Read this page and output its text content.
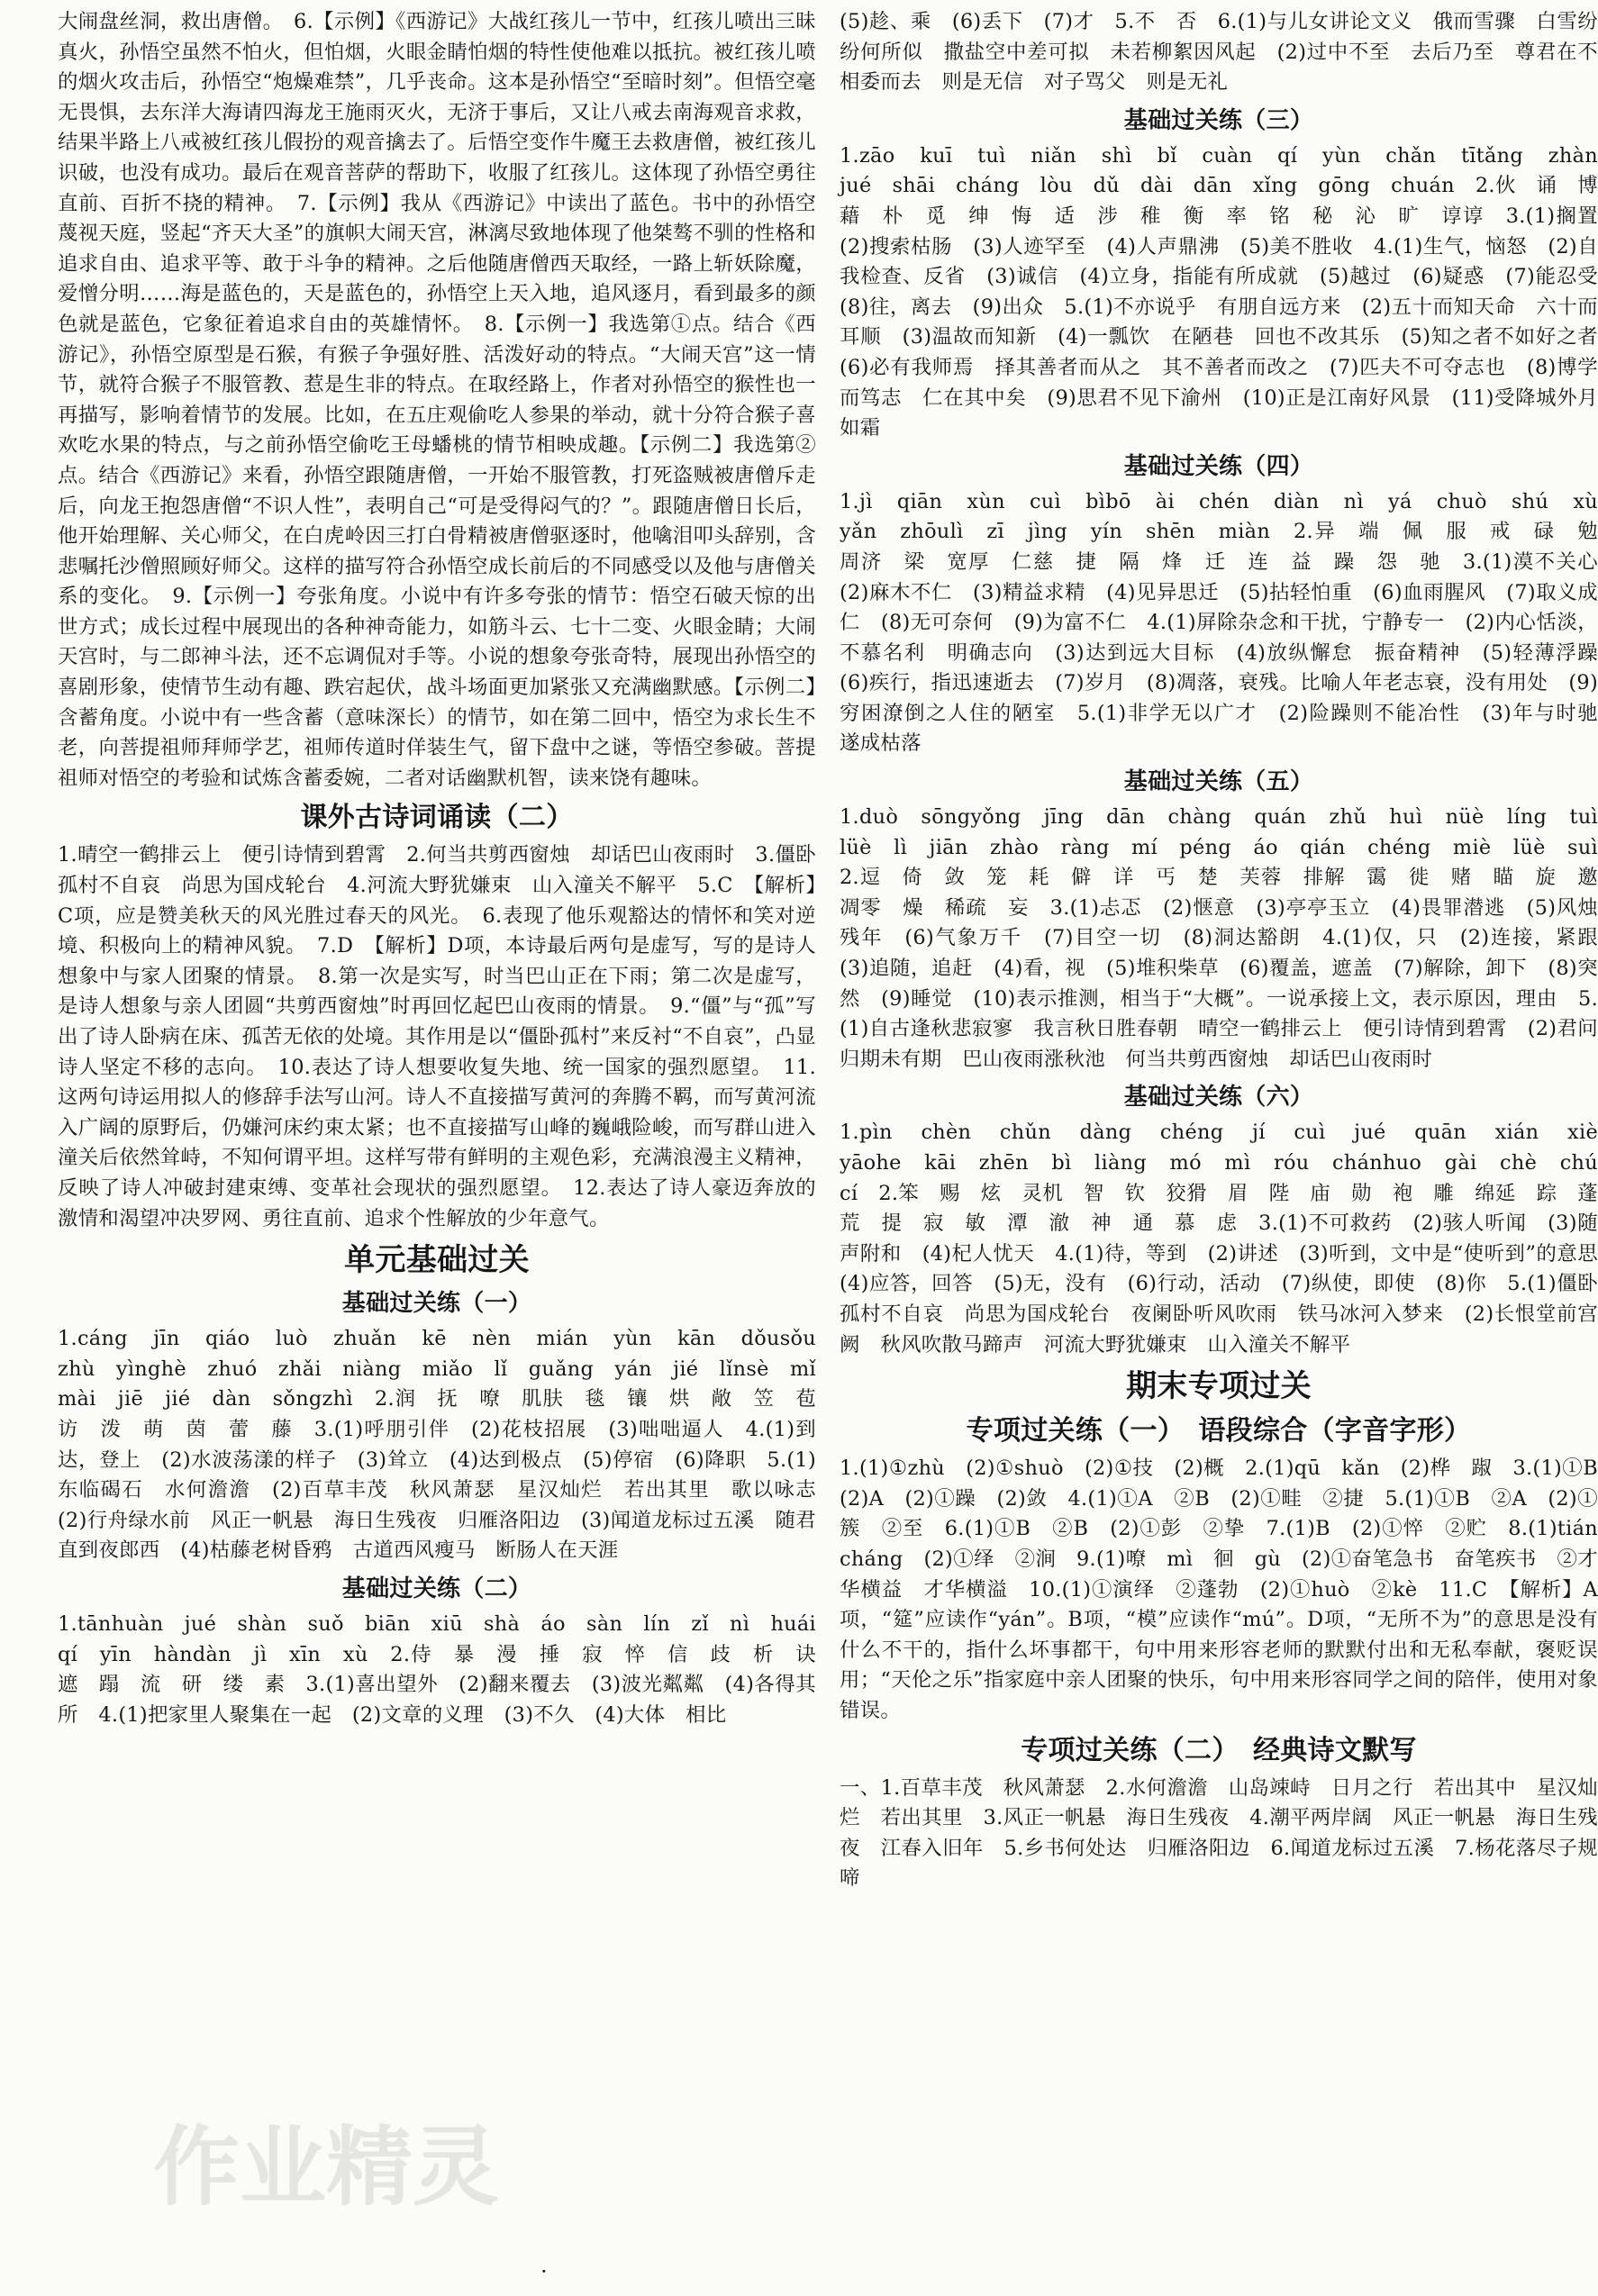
大闹盘丝洞，救出唐僧。　6.【示例】《西游记》大战红孩儿一节中，红孩儿喷出三昧真火，孙悟空虽然不怕火，但怕烟，火眼金睛怕烟的特性使他难以抵抗。被红孩儿喷的烟火攻击后，孙悟空“炮燥难禁”，几乎丧命。这本是孙悟空“至暗时刻”。但悟空毫无畏惧，去东洋大海请四海龙王施雨灭火，无济于事后，又让八戒去南海观音求救，结果半路上八戒被红孩儿假扮的观音擒去了。后悟空变作牛魔王去救唐僧，被红孩儿识破，也没有成功。最后在观音菩萨的帮助下，收服了红孩儿。这体现了孙悟空勇往直前、百折不挠的精神。　7.【示例】我从《西游记》中读出了蓝色。书中的孙悟空蔑视天庭，竖起“齐天大圣”的旗帜大闹天宫，淋漓尽致地体现了他桀骜不驯的性格和追求自由、追求平等、敢于斗争的精神。之后他随唐僧西天取经，一路上斩妖除魔，爱憎分明……海是蓝色的，天是蓝色的，孙悟空上天入地，追风逐月，看到最多的颜色就是蓝色，它象征着追求自由的英雄情怀。　8.【示例一】我选第①点。结合《西游记》，孙悟空原型是石猴，有猴子争强好胜、活泼好动的特点。“大闹天宫”这一情节，就符合猴子不服管教、惹是生非的特点。在取经路上，作者对孙悟空的猴性也一再描写，影响着情节的发展。比如，在五庄观偷吃人参果的举动，就十分符合猴子喜欢吃水果的特点，与之前孙悟空偷吃王母蟠桃的情节相映成趣。【示例二】我选第②点。结合《西游记》来看，孙悟空跟随唐僧，一开始不服管教，打死盗贼被唐僧斥走后，向龙王抱怨唐僧“不识人性”，表明自己“可是受得闷气的？”。跟随唐僧日长后，他开始理解、关心师父，在白虎岭因三打白骨精被唐僧驱逐时，他噙泪叩头辞别，含悲嘱托沙僧照顾好师父。这样的描写符合孙悟空成长前后的不同感受以及他与唐僧关系的变化。　9.【示例一】夸张角度。小说中有许多夸张的情节：悟空石破天惊的出世方式；成长过程中展现出的各种神奇能力，如筋斗云、七十二变、火眼金睛；大闹天宫时，与二郎神斗法，还不忘调侃对手等。小说的想象夸张奇特，展现出孙悟空的喜剧形象，使情节生动有趣、跌宕起伏，战斗场面更加紧张又充满幽默感。【示例二】含蓄角度。小说中有一些含蓄（意味深长）的情节，如在第二回中，悟空为求长生不老，向菩提祖师拜师学艺，祖师传道时佯装生气，留下盘中之谜，等悟空参破。菩提祖师对悟空的考验和试炼含蓄委婉，二者对话幽默机智，读来饶有趣味。

课外古诗词诵读（二）

1.晴空一鹤排云上　便引诗情到碧霄　2.何当共剪西窗烛　却话巴山夜雨时　3.僵卧孤村不自哀　尚思为国戍轮台　4.河流大野犹嫌束　山入潼关不解平　5.C　【解析】C项，应是赞美秋天的风光胜过春天的风光。　6.表现了他乐观豁达的情怀和笑对逆境、积极向上的精神风貌。　7.D　【解析】D项，本诗最后两句是虚写，写的是诗人想象中与家人团聚的情景。　8.第一次是实写，时当巴山正在下雨；第二次是虚写，是诗人想象与亲人团圆“共剪西窗烛”时再回忆起巴山夜雨的情景。　9.“僵”与“孤”写出了诗人卧病在床、孤苦无依的处境。其作用是以“僵卧孤村”来反衬“不自哀”，凸显诗人坚定不移的志向。　10.表达了诗人想要收复失地、统一国家的强烈愿望。　11.这两句诗运用拟人的修辞手法写山河。诗人不直接描写黄河的奔腾不羁，而写黄河流入广阔的原野后，仍嫌河床约束太紧；也不直接描写山峰的巍峨险峻，而写群山进入潼关后依然耸峙，不知何谓平坦。这样写带有鲜明的主观色彩，充满浪漫主义精神，反映了诗人冲破封建束缚、变革社会现状的强烈愿望。　12.表达了诗人豪迈奔放的激情和渴望冲决罗网、勇往直前、追求个性解放的少年意气。

单元基础过关
基础过关练（一）

1.cáng　jīn　qiáo　luò　zhuǎn　kē　nèn　mián　yùn　kān　dǒusǒu　zhù　yìnghè　zhuó　zhǎi　niàng　miǎo　lǐ　guǎng　yán　jié　lǐnsè　mǐ　mài　jiē　jié　dàn　sǒngzhì　2.润　抚　嘹　肌肤　毯　镶　烘　敞　笠　苞　访　泼　萌　茵　蕾　藤　3.(1)呼朋引伴　(2)花枝招展　(3)咄咄逼人　4.(1)到达，登上　(2)水波荡漾的样子　(3)耸立　(4)达到极点　(5)停宿　(6)降职　5.(1)东临碣石　水何澹澹　(2)百草丰茂　秋风萧瑟　星汉灿烂　若出其里　歌以咏志　(2)行舟绿水前　风正一帆悬　海日生残夜　归雁洛阳边　(3)闻道龙标过五溪　随君直到夜郎西　(4)枯藤老树昏鸦　古道西风瘦马　断肠人在天涯

基础过关练（二）

1.tānhuàn　jué　shàn　suǒ　biān　xiū　shà　áo　sàn　lín　zǐ　nì　huái　qí　yīn　hàndàn　jì　xīn　xù　2.侍　暴　漫　捶　寂　悴　信　歧　析　诀　遮　蹋　流　研　缕　素　3.(1)喜出望外　(2)翻来覆去　(3)波光粼粼　(4)各得其所　4.(1)把家里人聚集在一起　(2)文章的义理　(3)不久　(4)大体　相比

(5)趁、乘　(6)丢下　(7)才　5.不　否　6.(1)与儿女讲论文义　俄而雪骤　白雪纷纷何所似　撒盐空中差可拟　未若柳絮因风起　(2)过中不至　去后乃至　尊君在不　相委而去　则是无信　对子骂父　则是无礼

基础过关练（三）

1.zāo　kuī　tuì　niǎn　shì　bǐ　cuàn　qí　yùn　chǎn　tītǎng　zhàn　jué　shāi　cháng　lòu　dǔ　dài　dān　xǐng　gōng　chuán　2.伙　诵　博　藉　朴　觅　绅　悔　适　涉　稚　衡　率　铭　秘　沁　旷　谆谆　3.(1)搁置　(2)搜索枯肠　(3)人迹罕至　(4)人声鼎沸　(5)美不胜收　4.(1)生气，恼怒　(2)自我检查、反省　(3)诚信　(4)立身，指能有所成就　(5)越过　(6)疑惑　(7)能忍受　(8)往，离去　(9)出众　5.(1)不亦说乎　有朋自远方来　(2)五十而知天命　六十而耳顺　(3)温故而知新　(4)一瓢饮　在陋巷　回也不改其乐　(5)知之者不如好之者　(6)必有我师焉　择其善者而从之　其不善者而改之　(7)匹夫不可夺志也　(8)博学而笃志　仁在其中矣　(9)思君不见下渝州　(10)正是江南好风景　(11)受降城外月如霜

基础过关练（四）

1.jì　qiān　xùn　cuì　bìbō　ài　chén　diàn　nì　yá　chuò　shú　xù　yǎn　zhōulì　zī　jìng　yín　shēn　miàn　2.异　端　佩　服　戒　碌　勉　周济　梁　宽厚　仁慈　捷　隔　烽　迁　连　益　躁　怨　驰　3.(1)漠不关心　(2)麻木不仁　(3)精益求精　(4)见异思迁　(5)拈轻怕重　(6)血雨腥风　(7)取义成仁　(8)无可奈何　(9)为富不仁　4.(1)屏除杂念和干扰，宁静专一　(2)内心恬淡，不慕名利　明确志向　(3)达到远大目标　(4)放纵懈怠　振奋精神　(5)轻薄浮躁　(6)疾行，指迅速逝去　(7)岁月　(8)凋落，衰残。比喻人年老志衰，没有用处　(9)穷困潦倒之人住的陋室　5.(1)非学无以广才　(2)险躁则不能冶性　(3)年与时驰　遂成枯落

基础过关练（五）

1.duò　sōngyǒng　jīng　dān　chàng　quán　zhǔ　huì　nüè　líng　tuì　lüè　lì　jiān　zhào　ràng　mí　péng　áo　qián　chéng　miè　lüè　suì　2.逗　倚　敛　笼　耗　僻　详　丐　楚　芙蓉　排解　霭　徙　赌　瞄　旋　邀　凋零　燥　稀疏　妄　3.(1)忐忑　(2)惬意　(3)亭亭玉立　(4)畏罪潜逃　(5)风烛残年　(6)气象万千　(7)目空一切　(8)洞达豁朗　4.(1)仅，只　(2)连接，紧跟　(3)追随，追赶　(4)看，视　(5)堆积柴草　(6)覆盖，遮盖　(7)解除，卸下　(8)突然　(9)睡觉　(10)表示推测，相当于“大概”。一说承接上文，表示原因，理由　5.(1)自古逢秋悲寂寥　我言秋日胜春朝　晴空一鹤排云上　便引诗情到碧霄　(2)君问归期未有期　巴山夜雨涨秋池　何当共剪西窗烛　却话巴山夜雨时

基础过关练（六）

1.pìn　chèn　chǔn　dàng　chéng　jí　cuì　jué　quān　xián　xiè　yāohe　kāi　zhēn　bì　liàng　mó　mì　róu　chánhuo　gài　chè　chú　cí　2.笨　赐　炫　灵机　智　钦　狡猾　眉　陛　庙　勋　袍　雕　绵延　踪　蓬　荒　提　寂　敏　潭　澈　神　通　慕　虑　3.(1)不可救药　(2)骇人听闻　(3)随声附和　(4)杞人忧天　4.(1)待，等到　(2)讲述　(3)听到，文中是“使听到”的意思　(4)应答，回答　(5)无，没有　(6)行动，活动　(7)纵使，即使　(8)你　5.(1)僵卧孤村不自哀　尚思为国戍轮台　夜阑卧听风吹雨　铁马冰河入梦来　(2)长恨堂前宫阙　秋风吹散马蹄声　河流大野犹嫌束　山入潼关不解平

期末专项过关
专项过关练（一）　语段综合（字音字形）

1.(1)①zhù　(2)①shuò　(2)①技　(2)概　2.(1)qū　kǎn　(2)桦　踧　3.(1)①B　(2)A　(2)①躁　(2)敛　4.(1)①A　②B　(2)①畦　②捷　5.(1)①B　②A　(2)①簇　②至　6.(1)①B　②B　(2)①彭　②挚　7.(1)B　(2)①悴　②贮　8.(1)tián　cháng　(2)①绎　②涧　9.(1)嘹　mì　徊　gù　(2)①奋笔急书　奋笔疾书　②才华横益　才华横溢　10.(1)①演绎　②蓬勃　(2)①huò　②kè　11.C　【解析】A项，“筵”应读作“yán”。B项，“模”应读作“mú”。D项，“无所不为”的意思是没有什么不干的，指什么坏事都干，句中用来形容老师的默默付出和无私奉献，褒贬误用；“天伦之乐”指家庭中亲人团聚的快乐，句中用来形容同学之间的陪伴，使用对象错误。

专项过关练（二）　经典诗文默写

一、1.百草丰茂　秋风萧瑟　2.水何澹澹　山岛竦峙　日月之行　若出其中　星汉灿烂　若出其里　3.风正一帆悬　海日生残夜　4.潮平两岸阔　风正一帆悬　海日生残夜　江春入旧年　5.乡书何处达　归雁洛阳边　6.闻道龙标过五溪　7.杨花落尽子规啼

作业精灵
·
